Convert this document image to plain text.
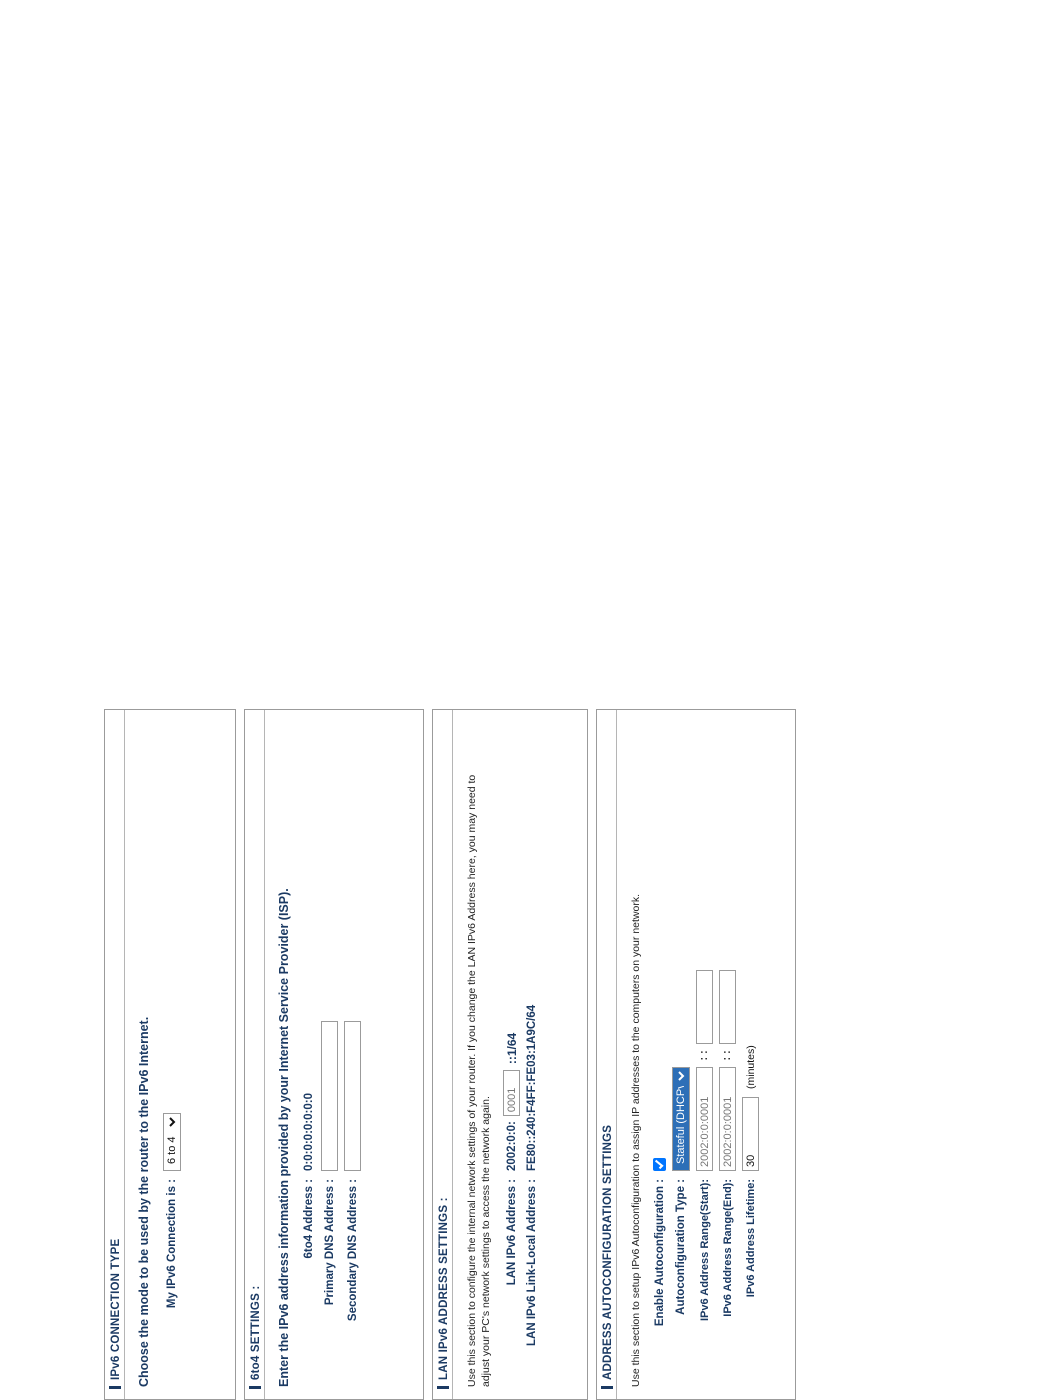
IPv6 CONNECTION TYPE Choose the mode to be used by the router to the IPv6 Internet. My IPv6 Connection is :
6 to 4
6to4 SETTINGS : Enter the IPv6 address information provided by your Internet Service Provider (ISP). 6to4 Address :
0:0:0:0:0:0:0:0
Primary DNS Address : Secondary DNS Address :	LAN IPv6 ADDRESS SETTINGS : Use this section to configure the internal network settings of your router. If you change the LAN IPv6 Address here, you may need to adjust your PC's network settings to access the network again. LAN IPv6 Address :
2002:0:0:
0001
::1/64
LAN IPv6 Link-Local Address :
FE80::240:F4FF:FE03:1A9C/64
ADDRESS AUTOCONFIGURATION SETTINGS Use this section to setup IPv6 Autoconfiguration to assign IP addresses to the computers on your network. Enable Autoconfiguration : Autoconfiguration Type :
Stateful (DHCPv6) IPv6 Address Range(Start):
2002:0:0:0001
::
IPv6 Address Range(End):
2002:0:0:0001
::
IPv6 Address Lifetime:
30
(minutes)
